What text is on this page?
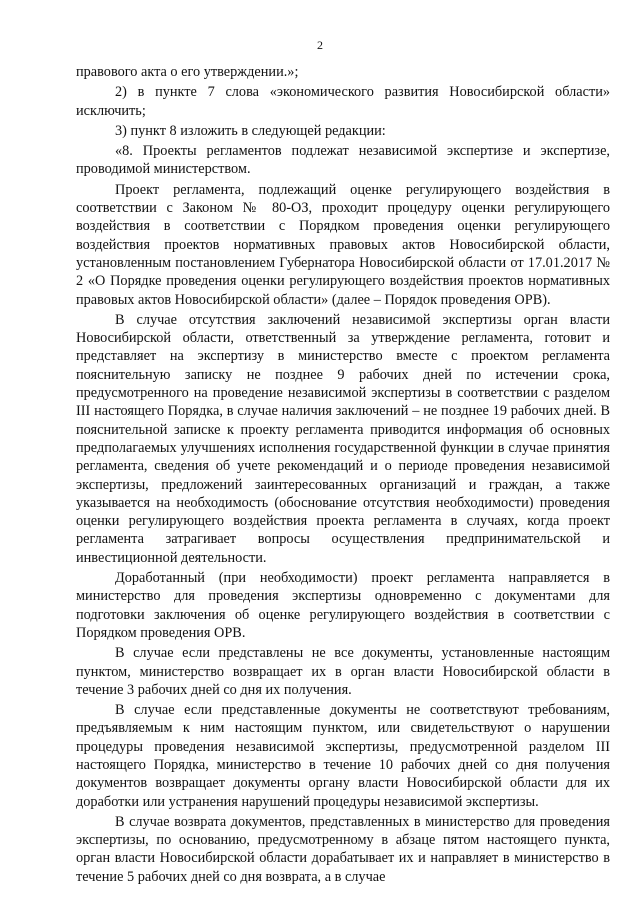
2

правового акта о его утверждении.»;

2) в пункте 7 слова «экономического развития Новосибирской области» исключить;

3) пункт 8 изложить в следующей редакции:

«8. Проекты регламентов подлежат независимой экспертизе и экспертизе, проводимой министерством.

Проект регламента, подлежащий оценке регулирующего воздействия в соответствии с Законом № 80-ОЗ, проходит процедуру оценки регулирующего воздействия в соответствии с Порядком проведения оценки регулирующего воздействия проектов нормативных правовых актов Новосибирской области, установленным постановлением Губернатора Новосибирской области от 17.01.2017 № 2 «О Порядке проведения оценки регулирующего воздействия проектов нормативных правовых актов Новосибирской области» (далее – Порядок проведения ОРВ).

В случае отсутствия заключений независимой экспертизы орган власти Новосибирской области, ответственный за утверждение регламента, готовит и представляет на экспертизу в министерство вместе с проектом регламента пояснительную записку не позднее 9 рабочих дней по истечении срока, предусмотренного на проведение независимой экспертизы в соответствии с разделом III настоящего Порядка, в случае наличия заключений – не позднее 19 рабочих дней. В пояснительной записке к проекту регламента приводится информация об основных предполагаемых улучшениях исполнения государственной функции в случае принятия регламента, сведения об учете рекомендаций и о периоде проведения независимой экспертизы, предложений заинтересованных организаций и граждан, а также указывается на необходимость (обоснование отсутствия необходимости) проведения оценки регулирующего воздействия проекта регламента в случаях, когда проект регламента затрагивает вопросы осуществления предпринимательской и инвестиционной деятельности.

Доработанный (при необходимости) проект регламента направляется в министерство для проведения экспертизы одновременно с документами для подготовки заключения об оценке регулирующего воздействия в соответствии с Порядком проведения ОРВ.

В случае если представлены не все документы, установленные настоящим пунктом, министерство возвращает их в орган власти Новосибирской области в течение 3 рабочих дней со дня их получения.

В случае если представленные документы не соответствуют требованиям, предъявляемым к ним настоящим пунктом, или свидетельствуют о нарушении процедуры проведения независимой экспертизы, предусмотренной разделом III настоящего Порядка, министерство в течение 10 рабочих дней со дня получения документов возвращает документы органу власти Новосибирской области для их доработки или устранения нарушений процедуры независимой экспертизы.

В случае возврата документов, представленных в министерство для проведения экспертизы, по основанию, предусмотренному в абзаце пятом настоящего пункта, орган власти Новосибирской области дорабатывает их и направляет в министерство в течение 5 рабочих дней со дня возврата, а в случае
